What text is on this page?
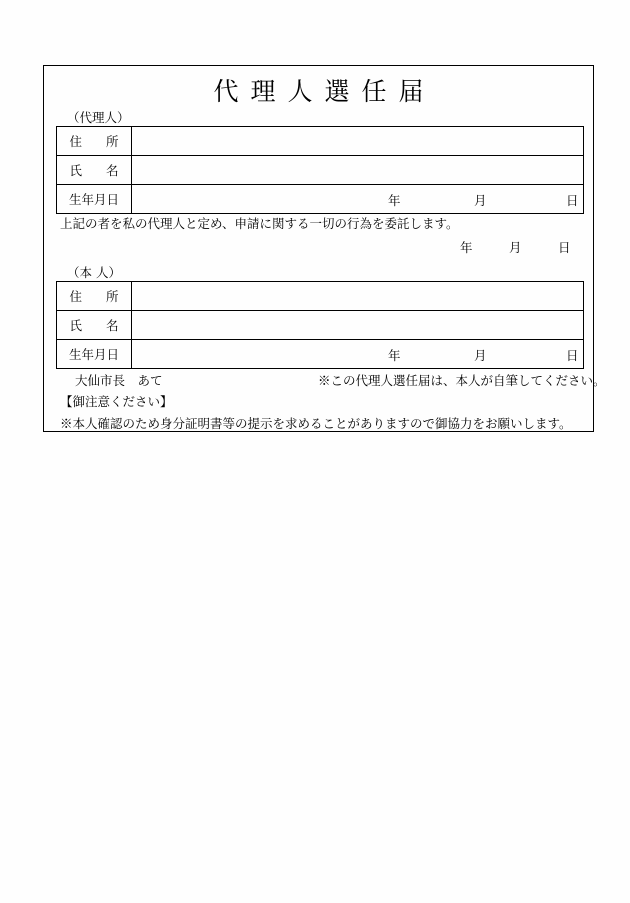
代理人選任届
（代理人）
住 所	
氏 名	
生年月日	年 月 日
上記の者を私の代理人と定め、申請に関する一切の行為を委託します。
年	月	日
（本 人）
住 所	
氏 名	
生年月日	年 月 日
大仙市長　あて	※この代理人選任届は、本人が自筆してください。
【御注意ください】
※本人確認のため身分証明書等の提示を求めることがありますので御協力をお願いします。
